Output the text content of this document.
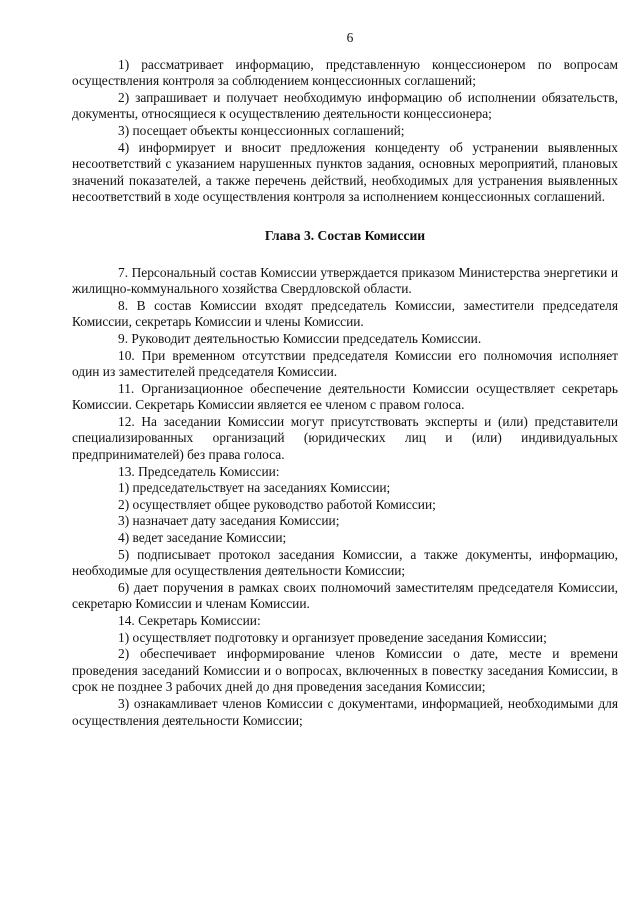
6

1) рассматривает информацию, представленную концессионером по вопросам осуществления контроля за соблюдением концессионных соглашений;

2) запрашивает и получает необходимую информацию об исполнении обязательств, документы, относящиеся к осуществлению деятельности концессионера;

3) посещает объекты концессионных соглашений;

4) информирует и вносит предложения концеденту об устранении выявленных несоответствий с указанием нарушенных пунктов задания, основных мероприятий, плановых значений показателей, а также перечень действий, необходимых для устранения выявленных несоответствий в ходе осуществления контроля за исполнением концессионных соглашений.

Глава 3. Состав Комиссии

7. Персональный состав Комиссии утверждается приказом Министерства энергетики и жилищно-коммунального хозяйства Свердловской области.

8. В состав Комиссии входят председатель Комиссии, заместители председателя Комиссии, секретарь Комиссии и члены Комиссии.

9. Руководит деятельностью Комиссии председатель Комиссии.

10. При временном отсутствии председателя Комиссии его полномочия исполняет один из заместителей председателя Комиссии.

11. Организационное обеспечение деятельности Комиссии осуществляет секретарь Комиссии. Секретарь Комиссии является ее членом с правом голоса.

12. На заседании Комиссии могут присутствовать эксперты и (или) представители специализированных организаций (юридических лиц и (или) индивидуальных предпринимателей) без права голоса.

13. Председатель Комиссии:

1) председательствует на заседаниях Комиссии;

2) осуществляет общее руководство работой Комиссии;

3) назначает дату заседания Комиссии;

4) ведет заседание Комиссии;

5) подписывает протокол заседания Комиссии, а также документы, информацию, необходимые для осуществления деятельности Комиссии;

6) дает поручения в рамках своих полномочий заместителям председателя Комиссии, секретарю Комиссии и членам Комиссии.

14. Секретарь Комиссии:

1) осуществляет подготовку и организует проведение заседания Комиссии;

2) обеспечивает информирование членов Комиссии о дате, месте и времени проведения заседаний Комиссии и о вопросах, включенных в повестку заседания Комиссии, в срок не позднее 3 рабочих дней до дня проведения заседания Комиссии;

3) ознакамливает членов Комиссии с документами, информацией, необходимыми для осуществления деятельности Комиссии;
